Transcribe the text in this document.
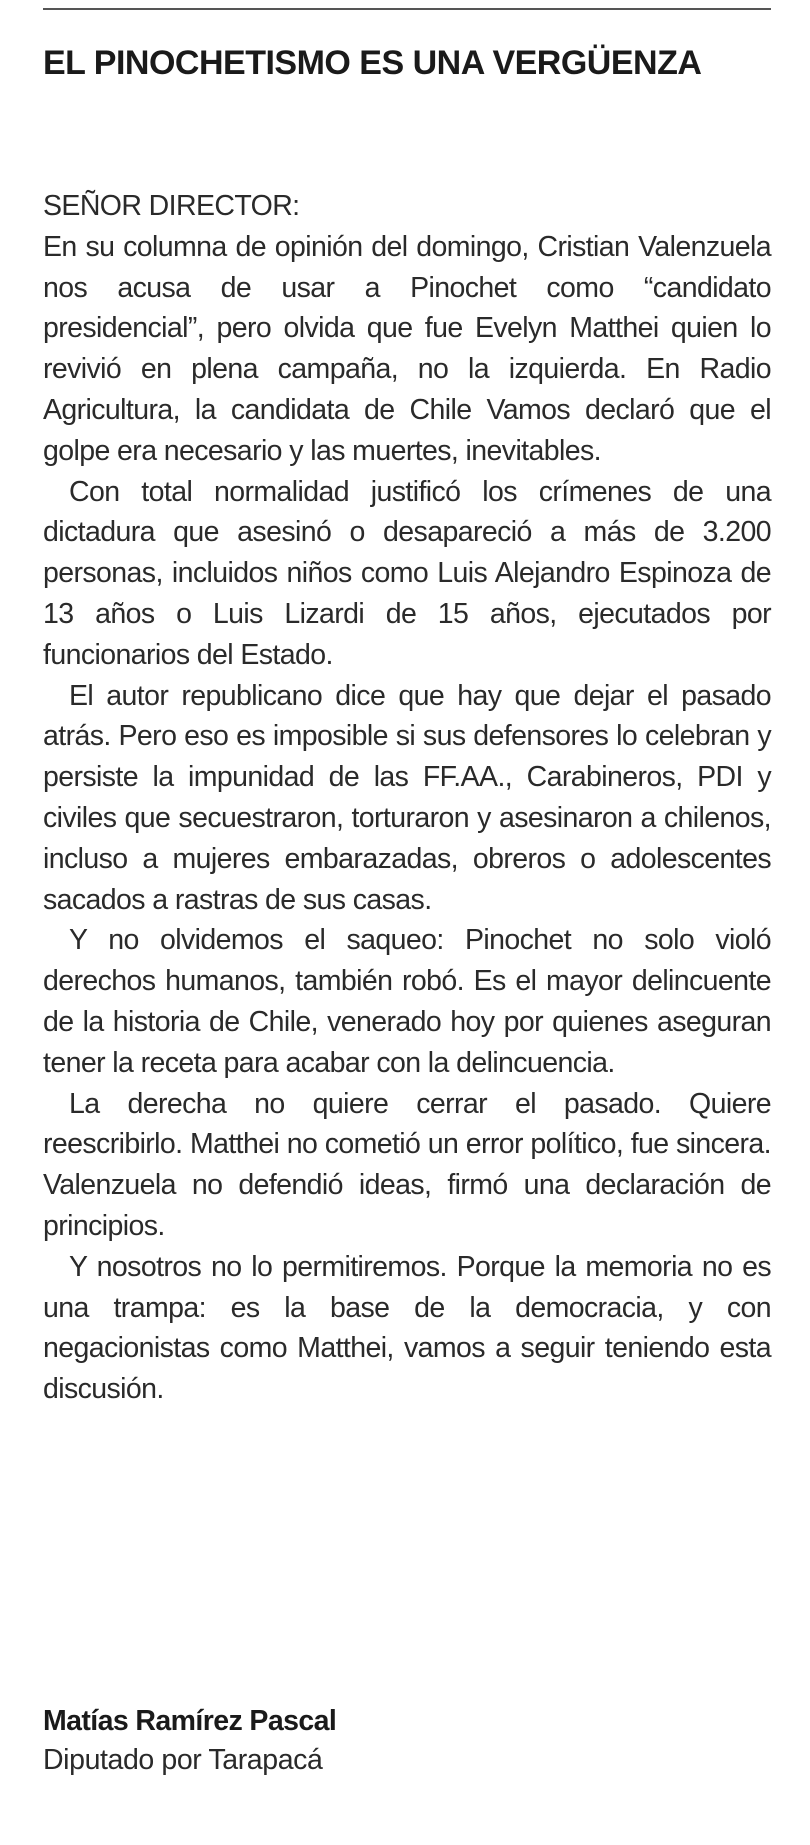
EL PINOCHETISMO ES UNA VERGÜENZA

SEÑOR DIRECTOR:

En su columna de opinión del domingo, Cristian Valenzuela nos acusa de usar a Pinochet como “candidato presidencial”, pero olvida que fue Evelyn Matthei quien lo revivió en plena campaña, no la izquierda. En Radio Agricultura, la candidata de Chile Vamos declaró que el golpe era necesario y las muertes, inevitables.

Con total normalidad justificó los crímenes de una dictadura que asesinó o desapareció a más de 3.200 personas, incluidos niños como Luis Alejandro Espinoza de 13 años o Luis Lizardi de 15 años, ejecutados por funcionarios del Estado.

El autor republicano dice que hay que dejar el pasado atrás. Pero eso es imposible si sus defensores lo celebran y persiste la impunidad de las FF.AA., Carabineros, PDI y civiles que secuestraron, torturaron y asesinaron a chilenos, incluso a mujeres embarazadas, obreros o adolescentes sacados a rastras de sus casas.

Y no olvidemos el saqueo: Pinochet no solo violó derechos humanos, también robó. Es el mayor delincuente de la historia de Chile, venerado hoy por quienes aseguran tener la receta para acabar con la delincuencia.

La derecha no quiere cerrar el pasado. Quiere reescribirlo. Matthei no cometió un error político, fue sincera. Valenzuela no defendió ideas, firmó una declaración de principios.

Y nosotros no lo permitiremos. Porque la memoria no es una trampa: es la base de la democracia, y con negacionistas como Matthei, vamos a seguir teniendo esta discusión.

Matías Ramírez Pascal
Diputado por Tarapacá
